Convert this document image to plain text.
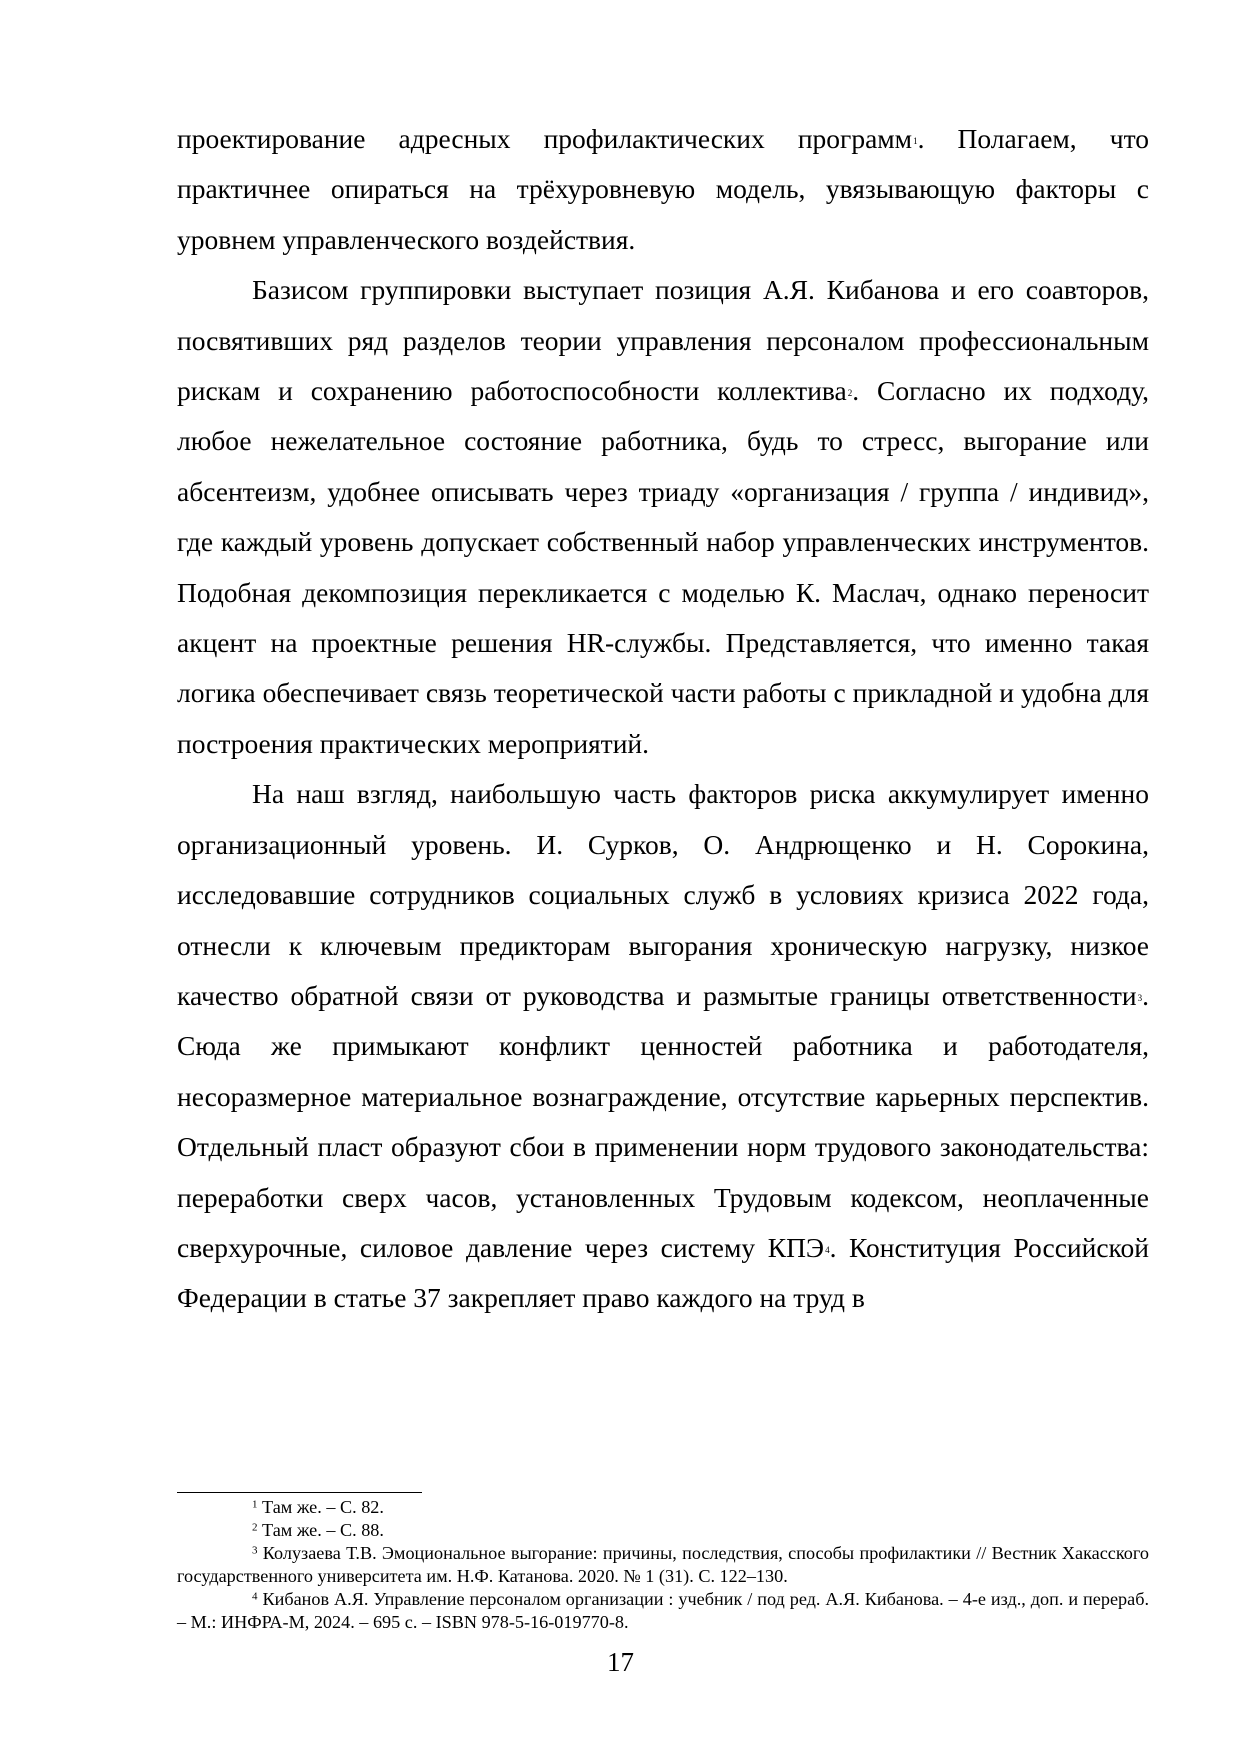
проектирование адресных профилактических программ$^1$. Полагаем, что практичнее опираться на трёхуровневую модель, увязывающую факторы с уровнем управленческого воздействия.

Базисом группировки выступает позиция А.Я. Кибанова и его соавторов, посвятивших ряд разделов теории управления персоналом профессиональным рискам и сохранению работоспособности коллектива$^2$. Согласно их подходу, любое нежелательное состояние работника, будь то стресс, выгорание или абсентеизм, удобнее описывать через триаду «организация / группа / индивид», где каждый уровень допускает собственный набор управленческих инструментов. Подобная декомпозиция перекликается с моделью К. Маслач, однако переносит акцент на проектные решения HR-службы. Представляется, что именно такая логика обеспечивает связь теоретической части работы с прикладной и удобна для построения практических мероприятий.

На наш взгляд, наибольшую часть факторов риска аккумулирует именно организационный уровень. И. Сурков, О. Андрющенко и Н. Сорокина, исследовавшие сотрудников социальных служб в условиях кризиса 2022 года, отнесли к ключевым предикторам выгорания хроническую нагрузку, низкое качество обратной связи от руководства и размытые границы ответственности$^3$. Сюда же примыкают конфликт ценностей работника и работодателя, несоразмерное материальное вознаграждение, отсутствие карьерных перспектив. Отдельный пласт образуют сбои в применении норм трудового законодательства: переработки сверх часов, установленных Трудовым кодексом, неоплаченные сверхурочные, силовое давление через систему КПЭ$^4$. Конституция Российской Федерации в статье 37 закрепляет право каждого на труд в

$^1$ Там же. – С. 82.

$^2$ Там же. – С. 88.

$^3$ Колузаева Т.В. Эмоциональное выгорание: причины, последствия, способы профилактики // Вестник Хакасского государственного университета им. Н.Ф. Катанова. 2020. № 1 (31). С. 122–130.

$^4$ Кибанов А.Я. Управление персоналом организации : учебник / под ред. А.Я. Кибанова. – 4-е изд., доп. и перераб. – М.: ИНФРА-М, 2024. – 695 с. – ISBN 978-5-16-019770-8.

17
